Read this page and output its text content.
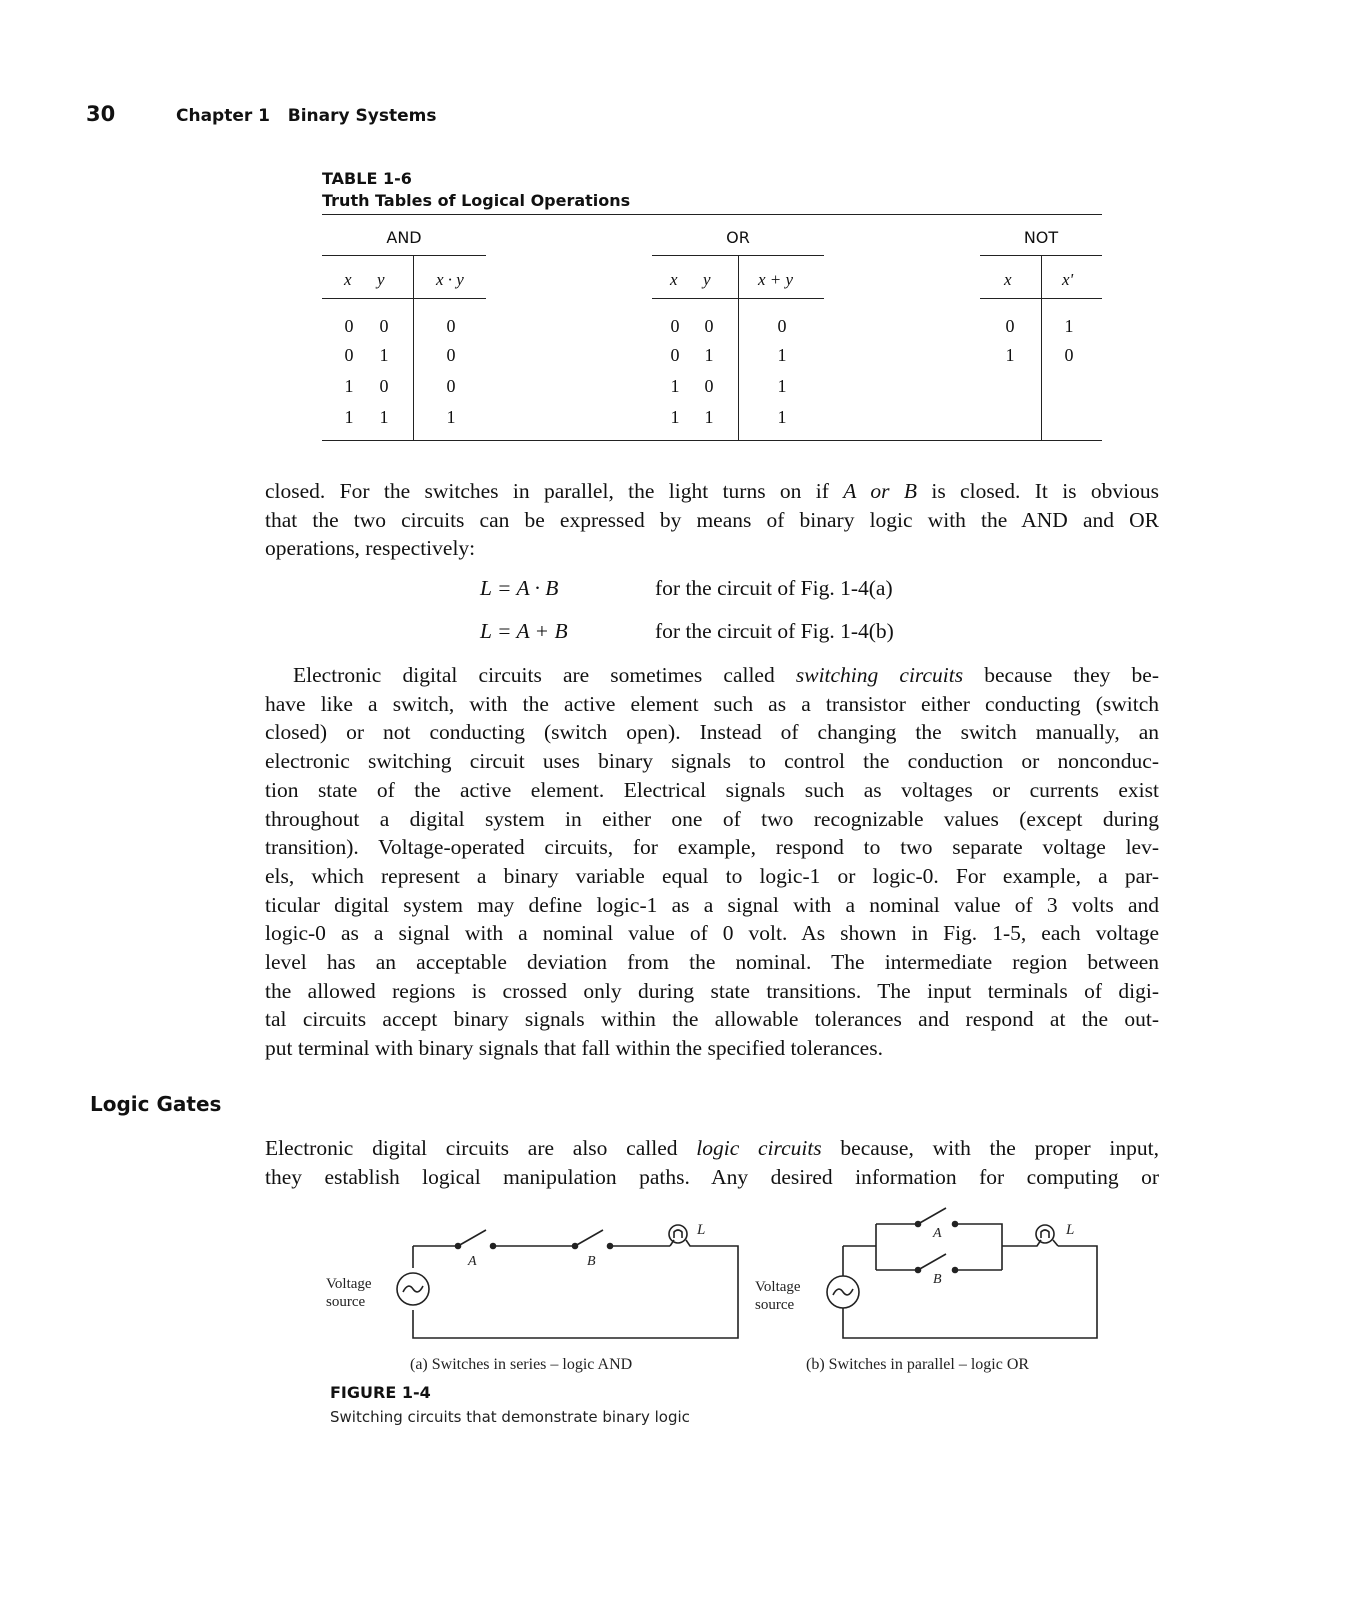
30	Chapter 1   Binary Systems
TABLE 1-6
Truth Tables of Logical Operations
AND	OR	NOT
x y	x · y	x y	x + y	x	x'
0	0	0
0	1	0
1	0	0
1	1	1
0	0	0
0	1	1
1	0	1
1	1	1
0	1
1	0
closed. For the switches in parallel, the light turns on if A or B is closed. It is obvious
that the two circuits can be expressed by means of binary logic with the AND and OR
operations, respectively:
L = A · B	for the circuit of Fig. 1-4(a)
L = A + B	for the circuit of Fig. 1-4(b)
Electronic digital circuits are sometimes called switching circuits because they be-
have like a switch, with the active element such as a transistor either conducting (switch
closed) or not conducting (switch open). Instead of changing the switch manually, an
electronic switching circuit uses binary signals to control the conduction or nonconduc-
tion state of the active element. Electrical signals such as voltages or currents exist
throughout a digital system in either one of two recognizable values (except during
transition). Voltage-operated circuits, for example, respond to two separate voltage lev-
els, which represent a binary variable equal to logic-1 or logic-0. For example, a par-
ticular digital system may define logic-1 as a signal with a nominal value of 3 volts and
logic-0 as a signal with a nominal value of 0 volt. As shown in Fig. 1-5, each voltage
level has an acceptable deviation from the nominal. The intermediate region between
the allowed regions is crossed only during state transitions. The input terminals of digi-
tal circuits accept binary signals within the allowable tolerances and respond at the out-
put terminal with binary signals that fall within the specified tolerances.
Logic Gates
Electronic digital circuits are also called logic circuits because, with the proper input,
they establish logical manipulation paths. Any desired information for computing or
L
A	B
Voltage
source
L
A
B
Voltage
source
(a) Switches in series – logic AND	(b) Switches in parallel – logic OR
FIGURE 1-4
Switching circuits that demonstrate binary logic
